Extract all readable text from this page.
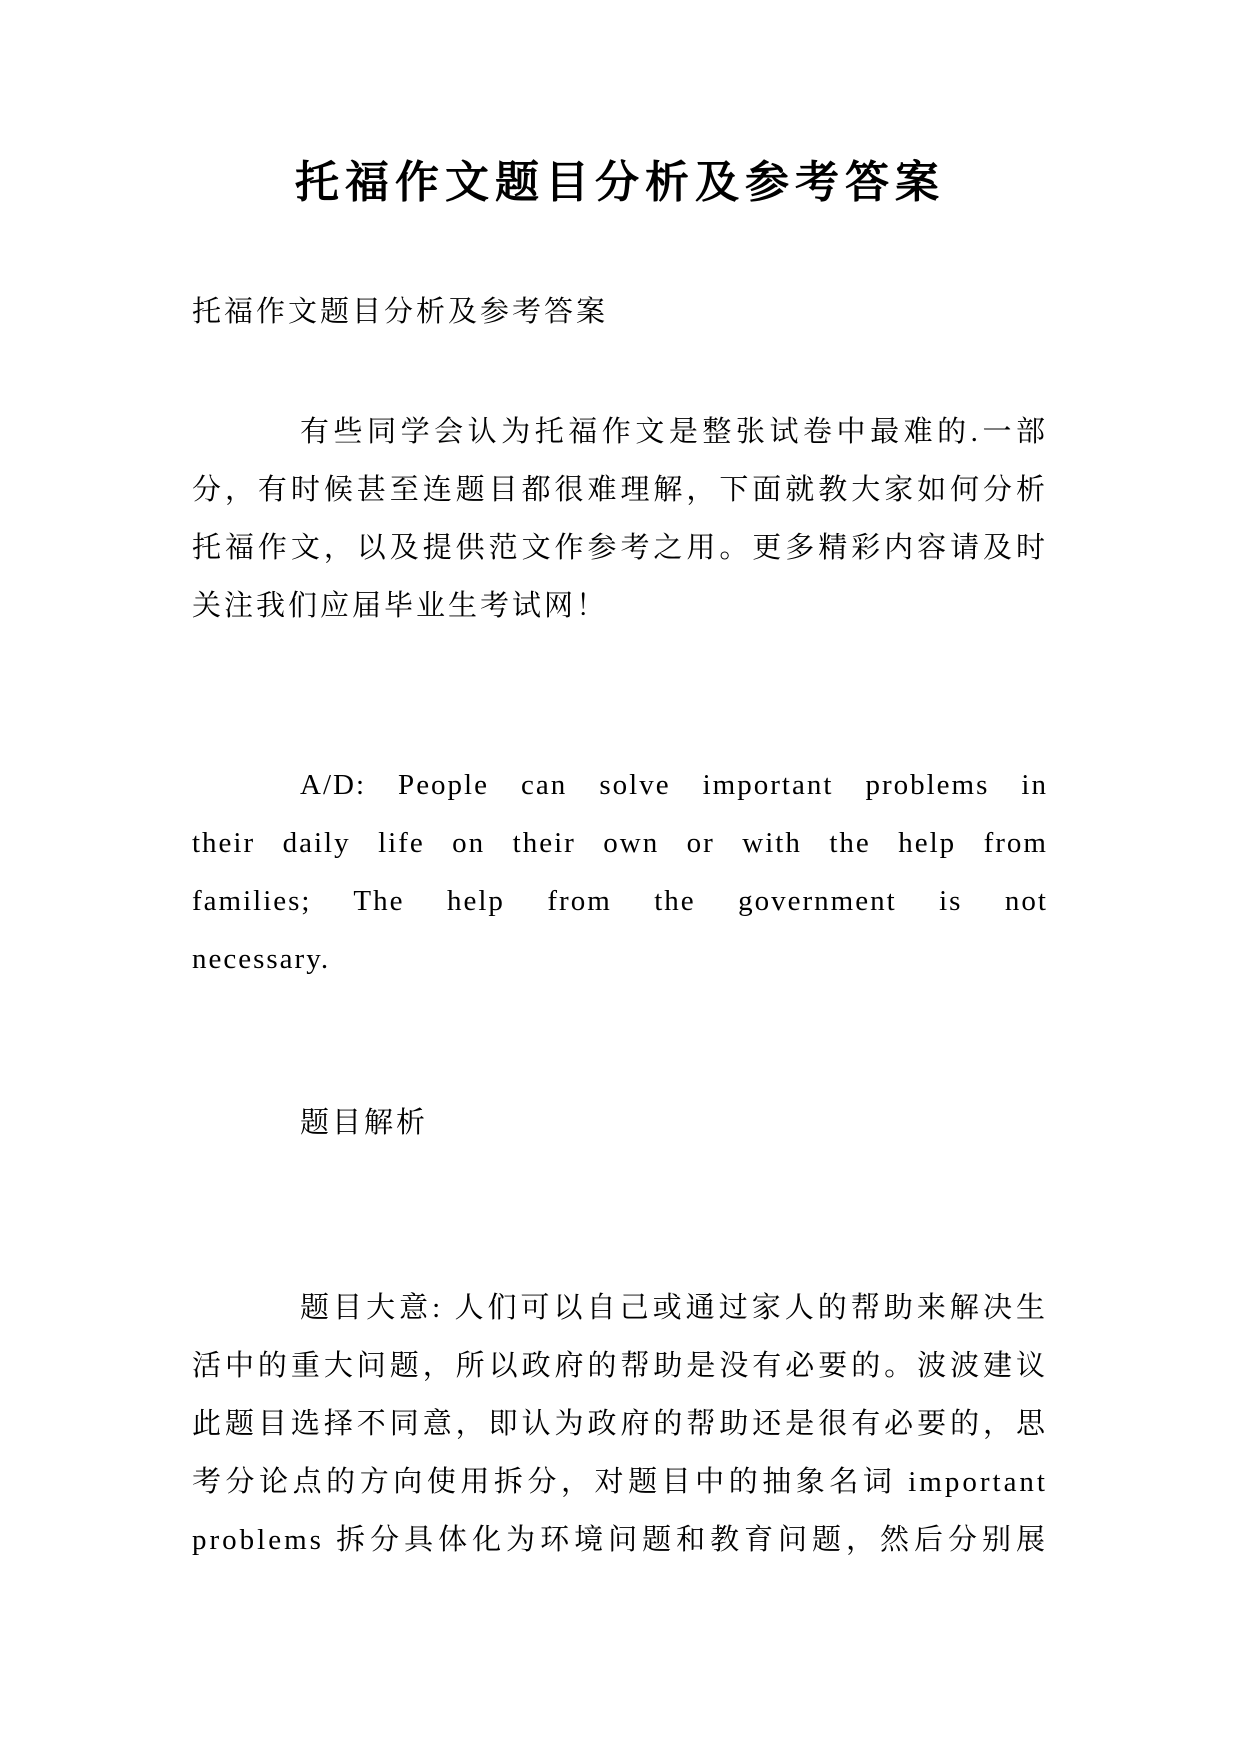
托福作文题目分析及参考答案
托福作文题目分析及参考答案
有些同学会认为托福作文是整张试卷中最难的.一部
分，有时候甚至连题目都很难理解，下面就教大家如何分析
托福作文，以及提供范文作参考之用。更多精彩内容请及时
关注我们应届毕业生考试网！
A/D: People can solve important problems in
their daily life on their own or with the help from
families; The help from the government is not
necessary.
题目解析
题目大意: 人们可以自己或通过家人的帮助来解决生
活中的重大问题，所以政府的帮助是没有必要的。波波建议
此题目选择不同意，即认为政府的帮助还是很有必要的，思
考分论点的方向使用拆分，对题目中的抽象名词 important
problems 拆分具体化为环境问题和教育问题，然后分别展
